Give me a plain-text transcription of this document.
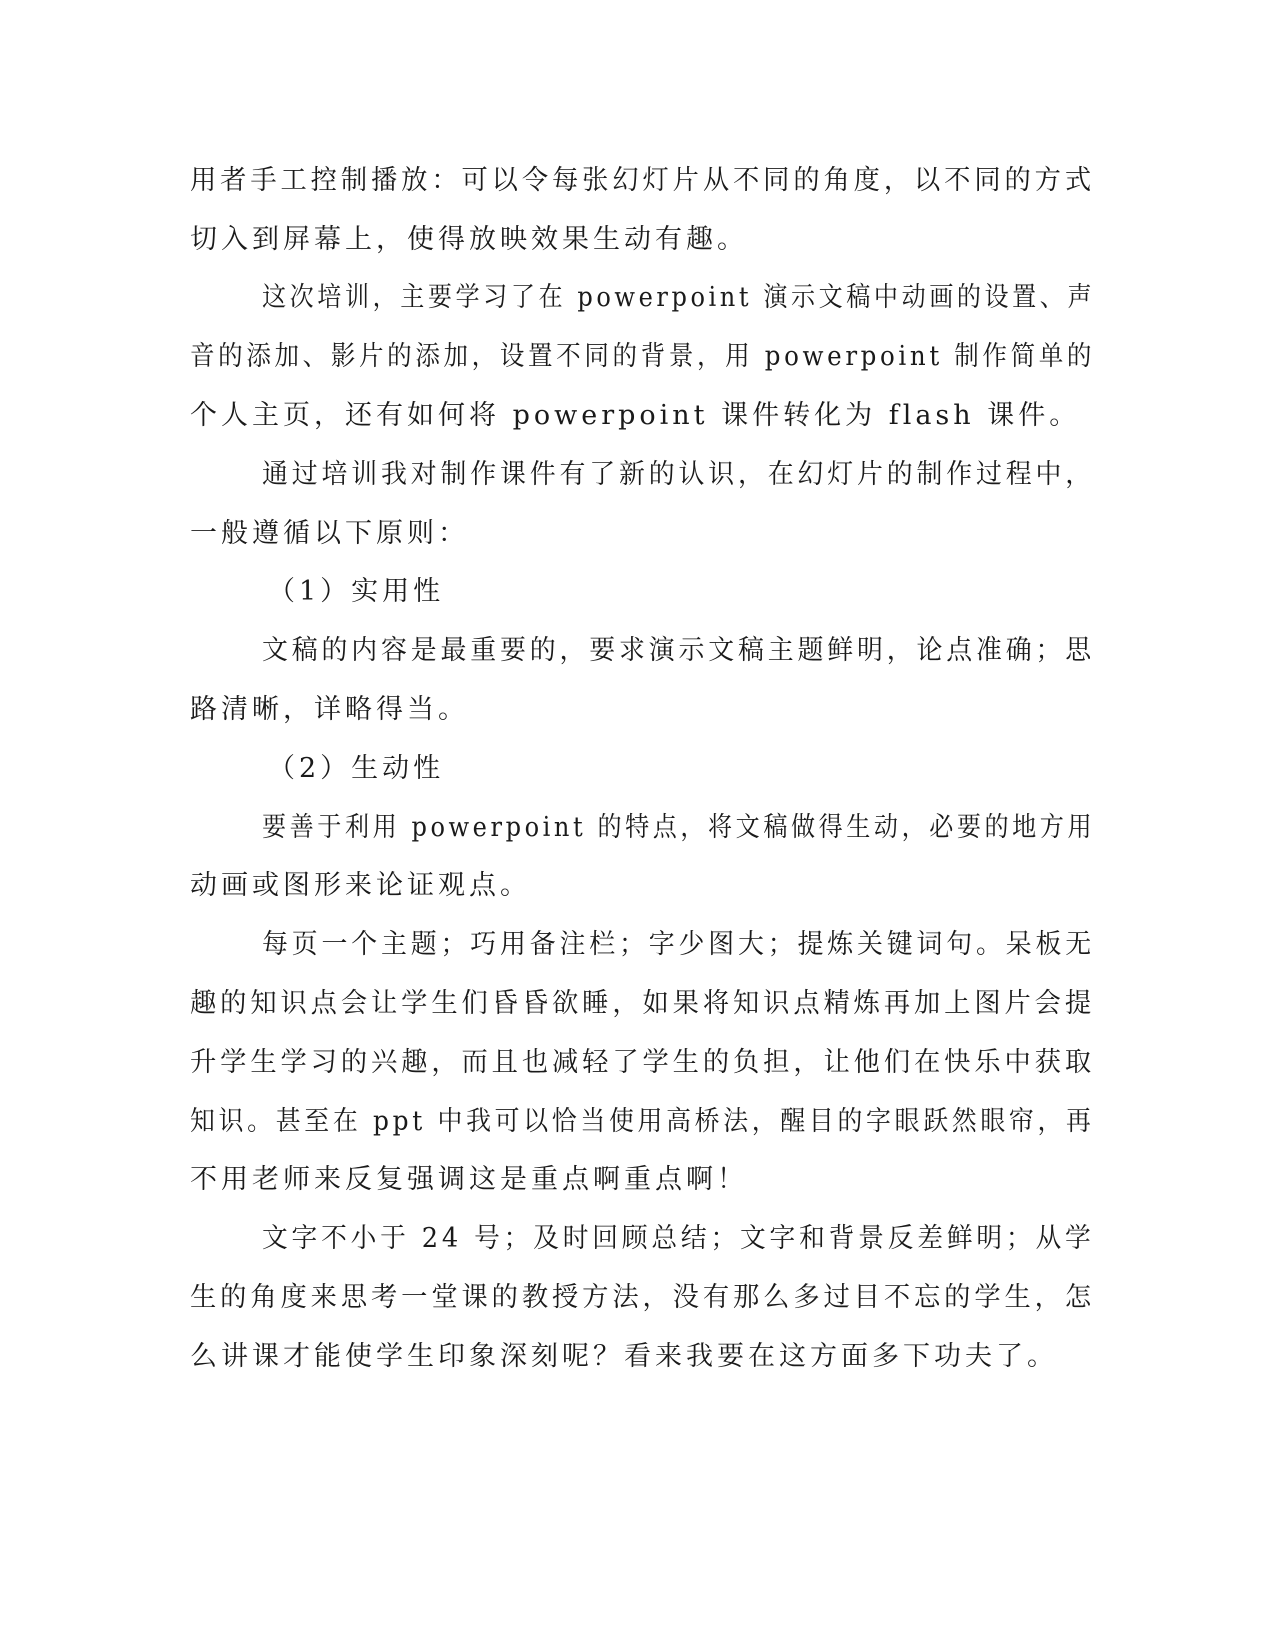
用者手工控制播放：可以令每张幻灯片从不同的角度，以不同的方式
切入到屏幕上，使得放映效果生动有趣。
这次培训，主要学习了在 powerpoint 演示文稿中动画的设置、声
音的添加、影片的添加，设置不同的背景，用 powerpoint 制作简单的
个人主页，还有如何将 powerpoint 课件转化为 flash 课件。
通过培训我对制作课件有了新的认识，在幻灯片的制作过程中，
一般遵循以下原则：
（1）实用性
文稿的内容是最重要的，要求演示文稿主题鲜明，论点准确；思
路清晰，详略得当。
（2）生动性
要善于利用 powerpoint 的特点，将文稿做得生动，必要的地方用
动画或图形来论证观点。
每页一个主题；巧用备注栏；字少图大；提炼关键词句。呆板无
趣的知识点会让学生们昏昏欲睡，如果将知识点精炼再加上图片会提
升学生学习的兴趣，而且也减轻了学生的负担，让他们在快乐中获取
知识。甚至在 ppt 中我可以恰当使用高桥法，醒目的字眼跃然眼帘，再
不用老师来反复强调这是重点啊重点啊！
文字不小于 24 号；及时回顾总结；文字和背景反差鲜明；从学
生的角度来思考一堂课的教授方法，没有那么多过目不忘的学生，怎
么讲课才能使学生印象深刻呢？看来我要在这方面多下功夫了。
